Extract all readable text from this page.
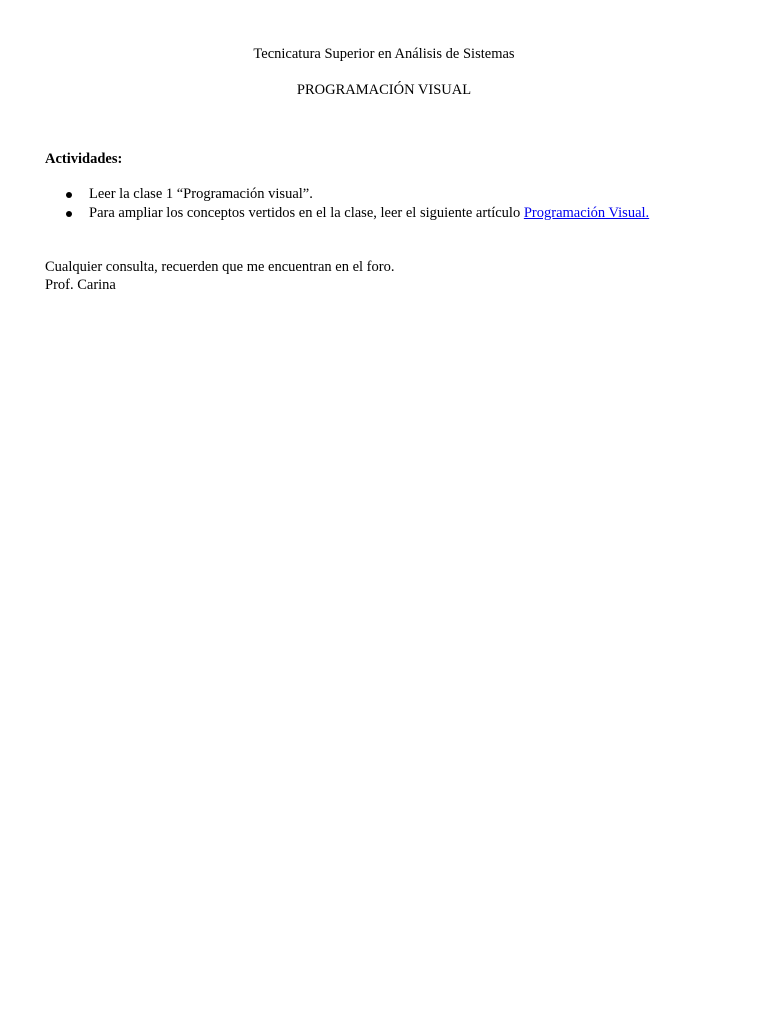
Tecnicatura Superior en Análisis de Sistemas
PROGRAMACIÓN VISUAL
Actividades:
Leer la clase 1 “Programación visual”.
Para ampliar los conceptos vertidos en el la clase, leer el siguiente artículo Programación Visual.
Cualquier consulta, recuerden que me encuentran en el foro.
Prof. Carina
